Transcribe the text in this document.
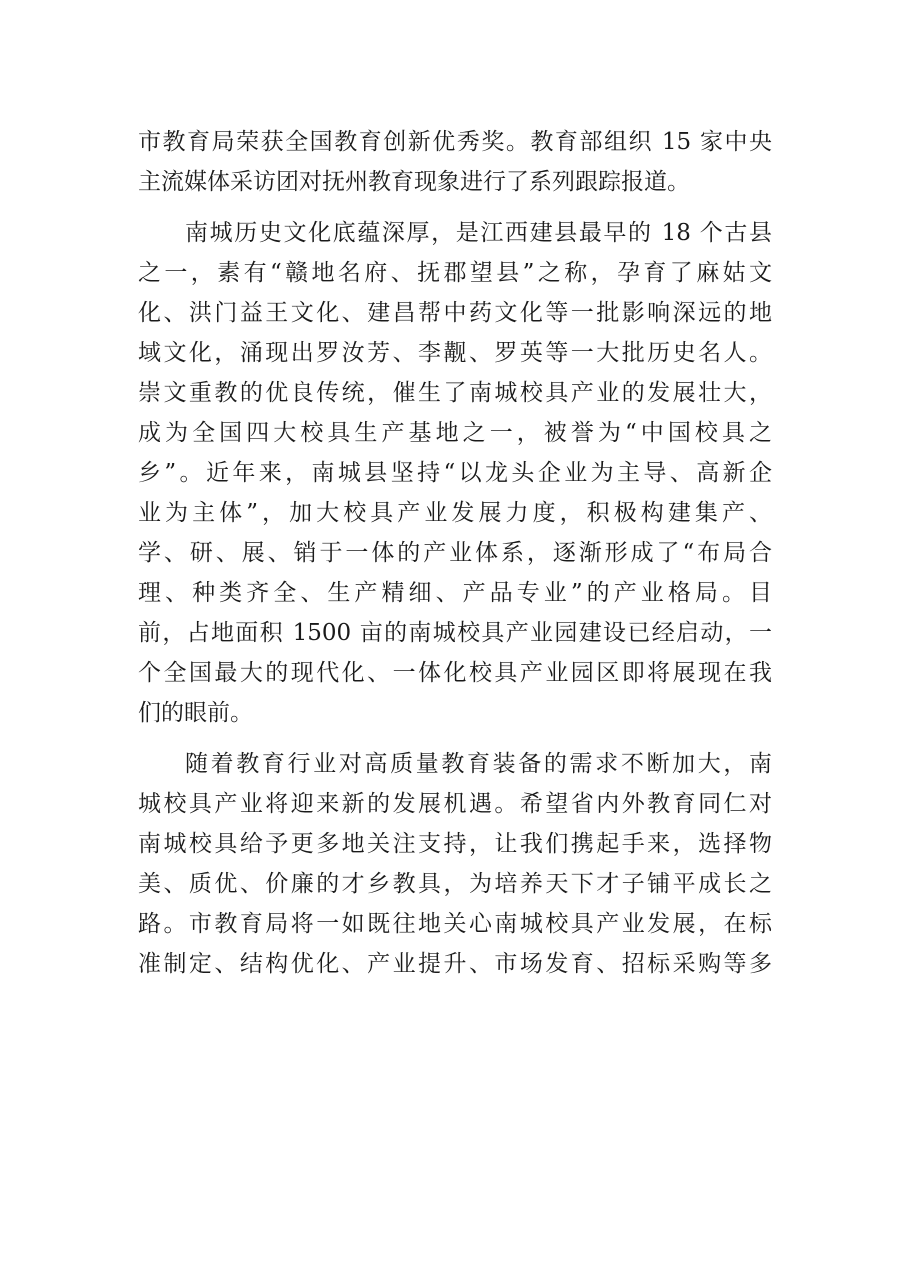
市教育局荣获全国教育创新优秀奖。教育部组织 15 家中央
主流媒体采访团对抚州教育现象进行了系列跟踪报道。
南城历史文化底蕴深厚，是江西建县最早的 18 个古县
之一，素有“赣地名府、抚郡望县”之称，孕育了麻姑文
化、洪门益王文化、建昌帮中药文化等一批影响深远的地
域文化，涌现出罗汝芳、李觏、罗英等一大批历史名人。
崇文重教的优良传统，催生了南城校具产业的发展壮大，
成为全国四大校具生产基地之一，被誉为“中国校具之
乡”。近年来，南城县坚持“以龙头企业为主导、高新企
业为主体”，加大校具产业发展力度，积极构建集产、
学、研、展、销于一体的产业体系，逐渐形成了“布局合
理、种类齐全、生产精细、产品专业”的产业格局。目
前，占地面积 1500 亩的南城校具产业园建设已经启动，一
个全国最大的现代化、一体化校具产业园区即将展现在我
们的眼前。
随着教育行业对高质量教育装备的需求不断加大，南
城校具产业将迎来新的发展机遇。希望省内外教育同仁对
南城校具给予更多地关注支持，让我们携起手来，选择物
美、质优、价廉的才乡教具，为培养天下才子铺平成长之
路。市教育局将一如既往地关心南城校具产业发展，在标
准制定、结构优化、产业提升、市场发育、招标采购等多
